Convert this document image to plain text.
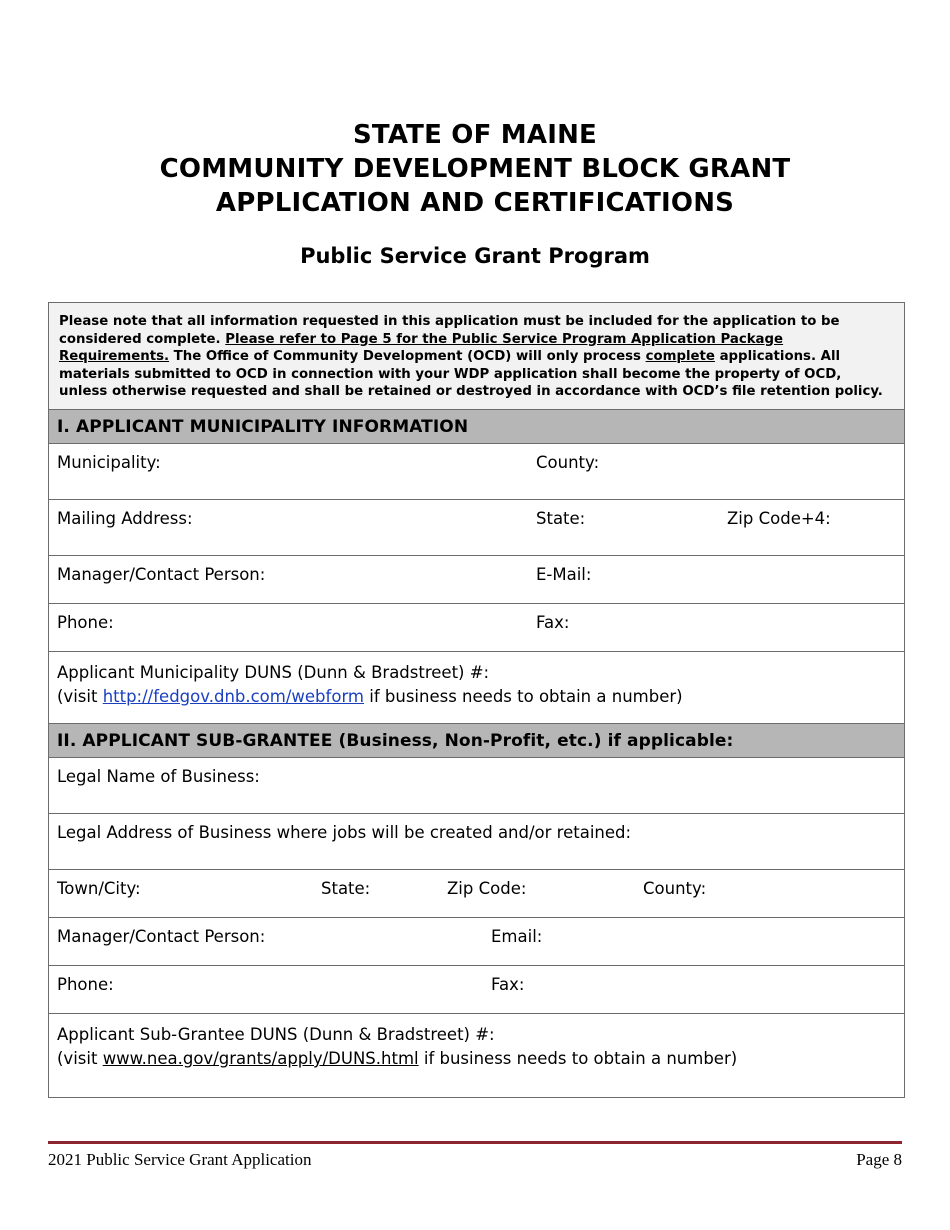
STATE OF MAINE
COMMUNITY DEVELOPMENT BLOCK GRANT
APPLICATION AND CERTIFICATIONS
Public Service Grant Program
Please note that all information requested in this application must be included for the application to be considered complete. Please refer to Page 5 for the Public Service Program Application Package Requirements. The Office of Community Development (OCD) will only process complete applications. All materials submitted to OCD in connection with your WDP application shall become the property of OCD, unless otherwise requested and shall be retained or destroyed in accordance with OCD’s file retention policy.

I. APPLICANT MUNICIPALITY INFORMATION

Municipality:	County:

Mailing Address:	State:	Zip Code+4:

Manager/Contact Person:	E-Mail:

Phone:	Fax:

Applicant Municipality DUNS (Dunn & Bradstreet) #:
(visit http://fedgov.dnb.com/webform if business needs to obtain a number)

II. APPLICANT SUB-GRANTEE (Business, Non-Profit, etc.) if applicable:

Legal Name of Business:

Legal Address of Business where jobs will be created and/or retained:

Town/City:	State:	Zip Code:	County:

Manager/Contact Person:	Email:

Phone:	Fax:

Applicant Sub-Grantee DUNS (Dunn & Bradstreet) #:
(visit www.nea.gov/grants/apply/DUNS.html if business needs to obtain a number)
2021 Public Service Grant Application	Page 8
